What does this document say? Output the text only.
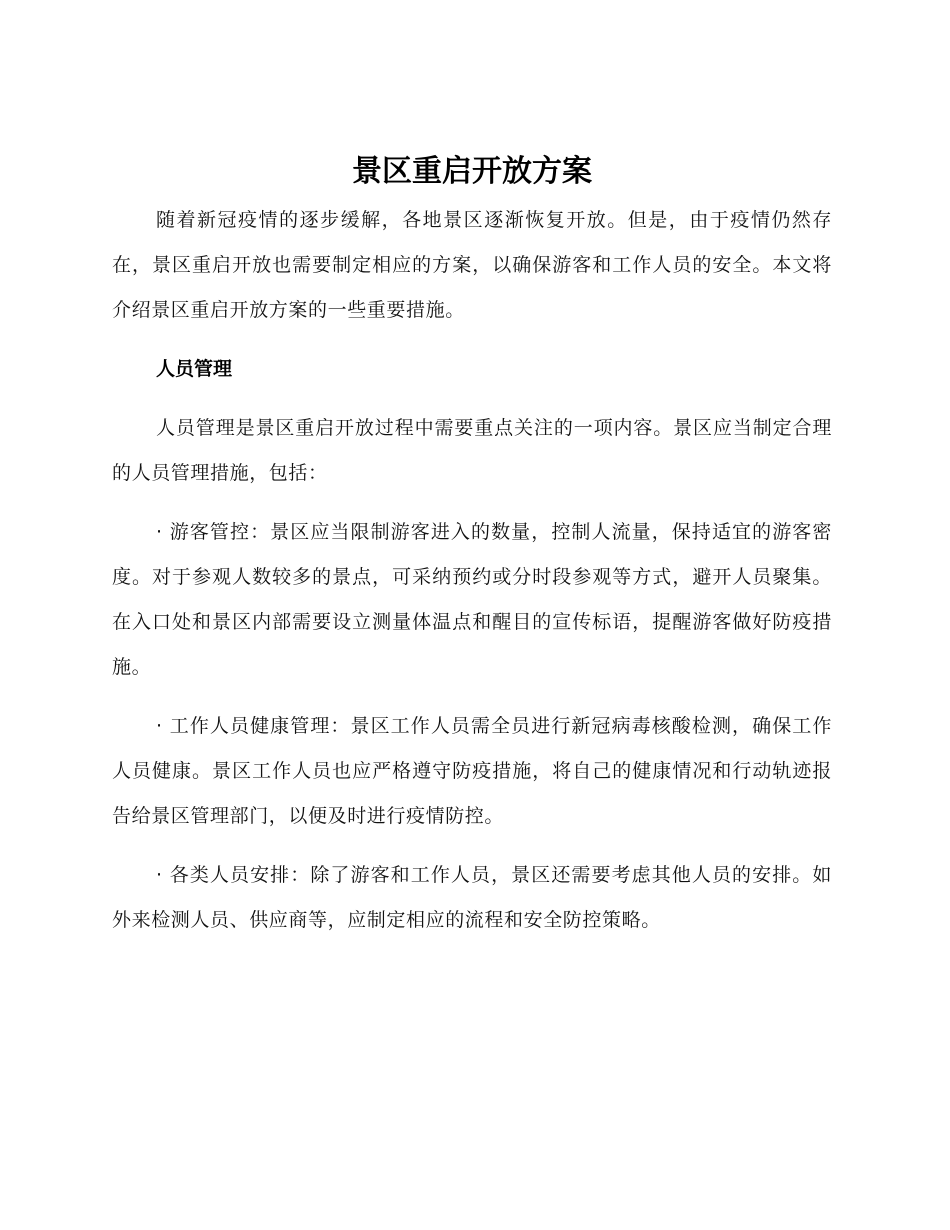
景区重启开放方案

随着新冠疫情的逐步缓解，各地景区逐渐恢复开放。但是，由于疫情仍然存在，景区重启开放也需要制定相应的方案，以确保游客和工作人员的安全。本文将介绍景区重启开放方案的一些重要措施。

人员管理

人员管理是景区重启开放过程中需要重点关注的一项内容。景区应当制定合理的人员管理措施，包括：

· 游客管控：景区应当限制游客进入的数量，控制人流量，保持适宜的游客密度。对于参观人数较多的景点，可采纳预约或分时段参观等方式，避开人员聚集。在入口处和景区内部需要设立测量体温点和醒目的宣传标语，提醒游客做好防疫措施。

· 工作人员健康管理：景区工作人员需全员进行新冠病毒核酸检测，确保工作人员健康。景区工作人员也应严格遵守防疫措施，将自己的健康情况和行动轨迹报告给景区管理部门，以便及时进行疫情防控。

· 各类人员安排：除了游客和工作人员，景区还需要考虑其他人员的安排。如外来检测人员、供应商等，应制定相应的流程和安全防控策略。
